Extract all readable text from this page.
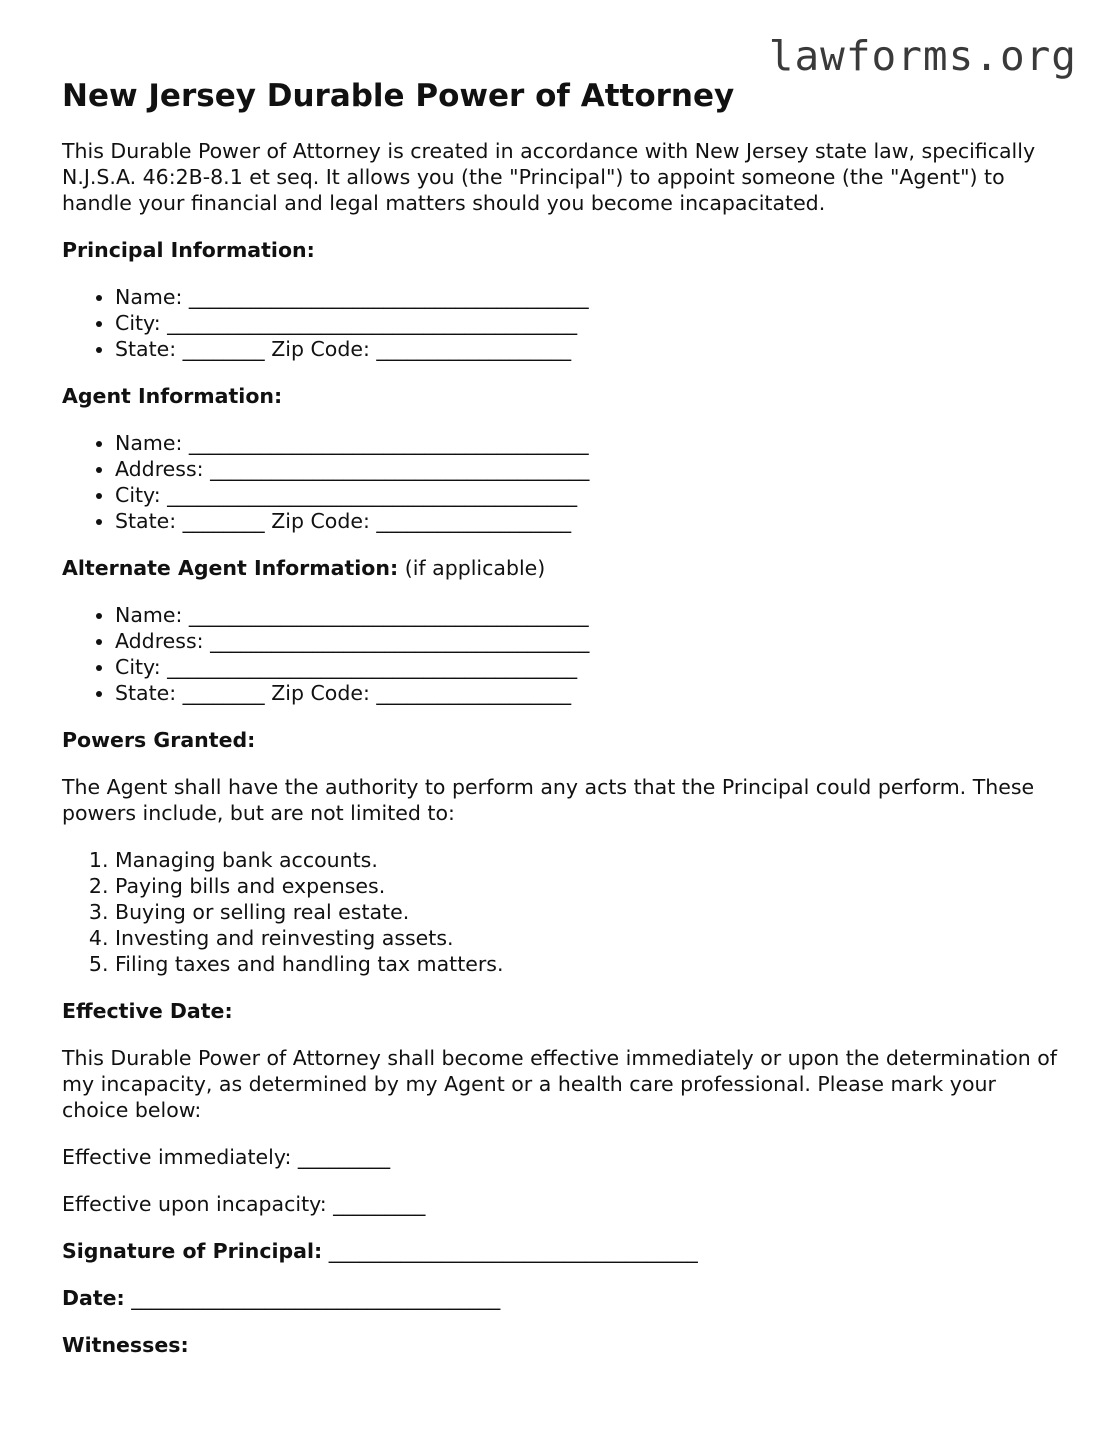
lawforms.org
New Jersey Durable Power of Attorney

This Durable Power of Attorney is created in accordance with New Jersey state law, specifically N.J.S.A. 46:2B-8.1 et seq. It allows you (the "Principal") to appoint someone (the "Agent") to handle your financial and legal matters should you become incapacitated.

Principal Information:

• Name: _______________________________________
• City: ________________________________________
• State: ________ Zip Code: ___________________

Agent Information:

• Name: _______________________________________
• Address: _____________________________________
• City: ________________________________________
• State: ________ Zip Code: ___________________

Alternate Agent Information: (if applicable)

• Name: _______________________________________
• Address: _____________________________________
• City: ________________________________________
• State: ________ Zip Code: ___________________

Powers Granted:

The Agent shall have the authority to perform any acts that the Principal could perform. These powers include, but are not limited to:

1. Managing bank accounts.
2. Paying bills and expenses.
3. Buying or selling real estate.
4. Investing and reinvesting assets.
5. Filing taxes and handling tax matters.

Effective Date:

This Durable Power of Attorney shall become effective immediately or upon the determination of my incapacity, as determined by my Agent or a health care professional. Please mark your choice below:

Effective immediately: _________

Effective upon incapacity: _________

Signature of Principal: ____________________________________

Date: ____________________________________

Witnesses:
